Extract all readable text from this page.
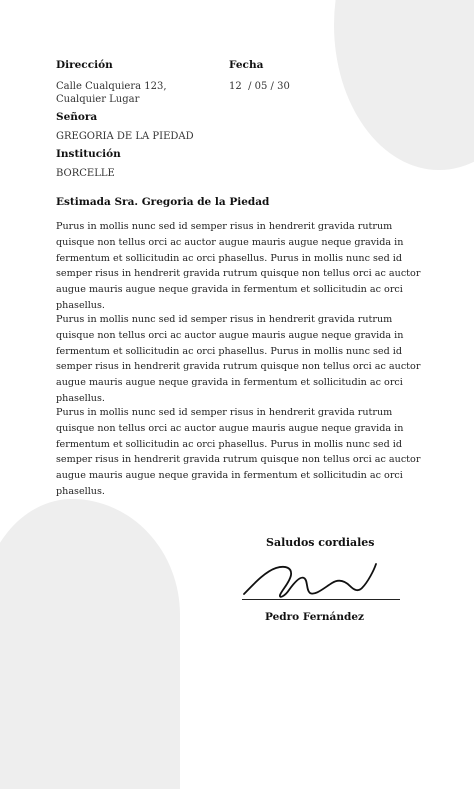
Dirección
Calle Cualquiera 123,
Cualquier Lugar
Fecha
12  / 05 / 30
Señora
GREGORIA DE LA PIEDAD
Institución
BORCELLE
Estimada Sra. Gregoria de la Piedad

Purus in mollis nunc sed id semper risus in hendrerit gravida rutrum quisque non tellus orci ac auctor augue mauris augue neque gravida in fermentum et sollicitudin ac orci phasellus. Purus in mollis nunc sed id semper risus in hendrerit gravida rutrum quisque non tellus orci ac auctor augue mauris augue neque gravida in fermentum et sollicitudin ac orci phasellus.

Purus in mollis nunc sed id semper risus in hendrerit gravida rutrum quisque non tellus orci ac auctor augue mauris augue neque gravida in fermentum et sollicitudin ac orci phasellus. Purus in mollis nunc sed id semper risus in hendrerit gravida rutrum quisque non tellus orci ac auctor augue mauris augue neque gravida in fermentum et sollicitudin ac orci phasellus.

Purus in mollis nunc sed id semper risus in hendrerit gravida rutrum quisque non tellus orci ac auctor augue mauris augue neque gravida in fermentum et sollicitudin ac orci phasellus. Purus in mollis nunc sed id semper risus in hendrerit gravida rutrum quisque non tellus orci ac auctor augue mauris augue neque gravida in fermentum et sollicitudin ac orci phasellus.

Saludos cordiales
Pedro Fernández
